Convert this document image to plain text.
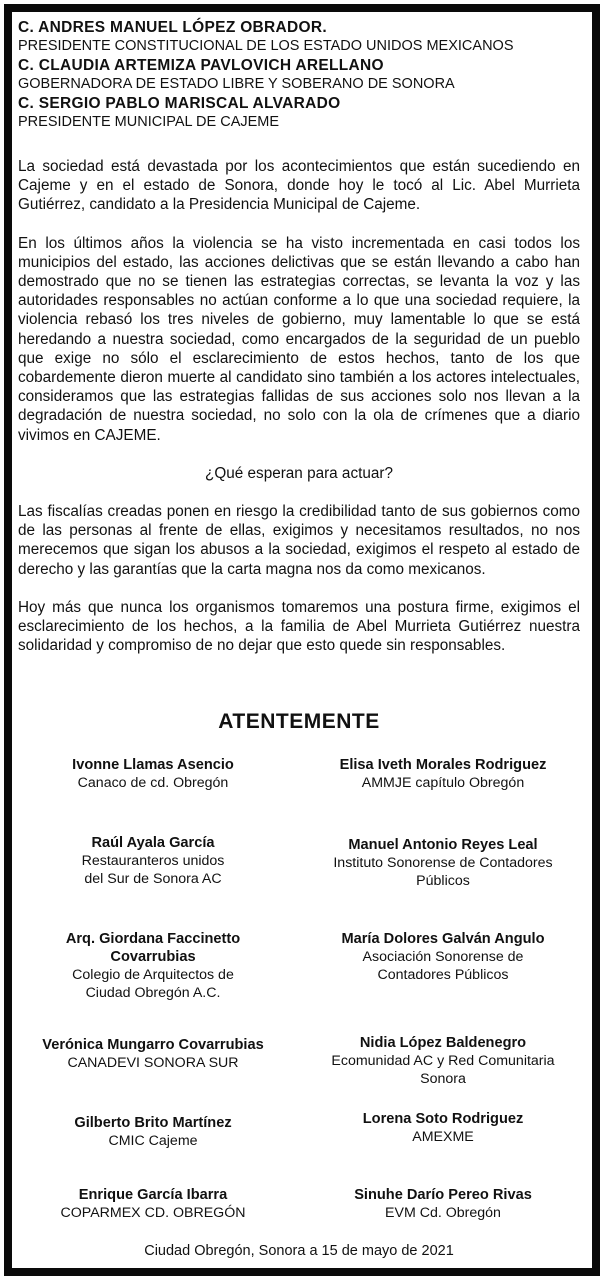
C. ANDRES MANUEL LÓPEZ OBRADOR.
PRESIDENTE CONSTITUCIONAL DE LOS ESTADO UNIDOS MEXICANOS
C. CLAUDIA ARTEMIZA PAVLOVICH ARELLANO
GOBERNADORA DE ESTADO LIBRE Y SOBERANO DE SONORA
C. SERGIO PABLO MARISCAL ALVARADO
PRESIDENTE MUNICIPAL DE CAJEME

La sociedad está devastada por los acontecimientos que están sucediendo en Cajeme y en el estado de Sonora, donde hoy le tocó al Lic. Abel Murrieta Gutiérrez, candidato a la Presidencia Municipal de Cajeme.

En los últimos años la violencia se ha visto incrementada en casi todos los municipios del estado, las acciones delictivas que se están llevando a cabo han demostrado que no se tienen las estrategias correctas, se levanta la voz y las autoridades responsables no actúan conforme a lo que una sociedad requiere, la violencia rebasó los tres niveles de gobierno, muy lamentable lo que se está heredando a nuestra sociedad, como encargados de la seguridad de un pueblo que exige no sólo el esclarecimiento de estos hechos, tanto de los que cobardemente dieron muerte al candidato sino también a los actores intelectuales, consideramos que las estrategias fallidas de sus acciones solo nos llevan a la degradación de nuestra sociedad, no solo con la ola de crímenes que a diario vivimos en CAJEME.

¿Qué esperan para actuar?

Las fiscalías creadas ponen en riesgo la credibilidad tanto de sus gobiernos como de las personas al frente de ellas, exigimos y necesitamos resultados, no nos merecemos que sigan los abusos a la sociedad, exigimos el respeto al estado de derecho y las garantías que la carta magna nos da como mexicanos.

Hoy más que nunca los organismos tomaremos una postura firme, exigimos el esclarecimiento de los hechos, a la familia de Abel Murrieta Gutiérrez nuestra solidaridad y compromiso de no dejar que esto quede sin responsables.

ATENTEMENTE
Ivonne Llamas Asencio
Canaco de cd. Obregón
Elisa Iveth Morales Rodriguez
AMMJE capítulo Obregón
Raúl Ayala García
Restauranteros unidos del Sur de Sonora AC
Manuel Antonio Reyes Leal
Instituto Sonorense de Contadores Públicos
Arq. Giordana Faccinetto Covarrubias
Colegio de Arquitectos de Ciudad Obregón A.C.
María Dolores Galván Angulo
Asociación Sonorense de Contadores Públicos
Verónica Mungarro Covarrubias
CANADEVI SONORA SUR
Nidia López Baldenegro
Ecomunidad AC y Red Comunitaria Sonora
Gilberto Brito Martínez
CMIC Cajeme
Lorena Soto Rodriguez
AMEXME
Enrique García Ibarra
COPARMEX CD. OBREGÓN
Sinuhe Darío Pereo Rivas
EVM Cd. Obregón
Ciudad Obregón, Sonora a 15 de mayo de 2021
